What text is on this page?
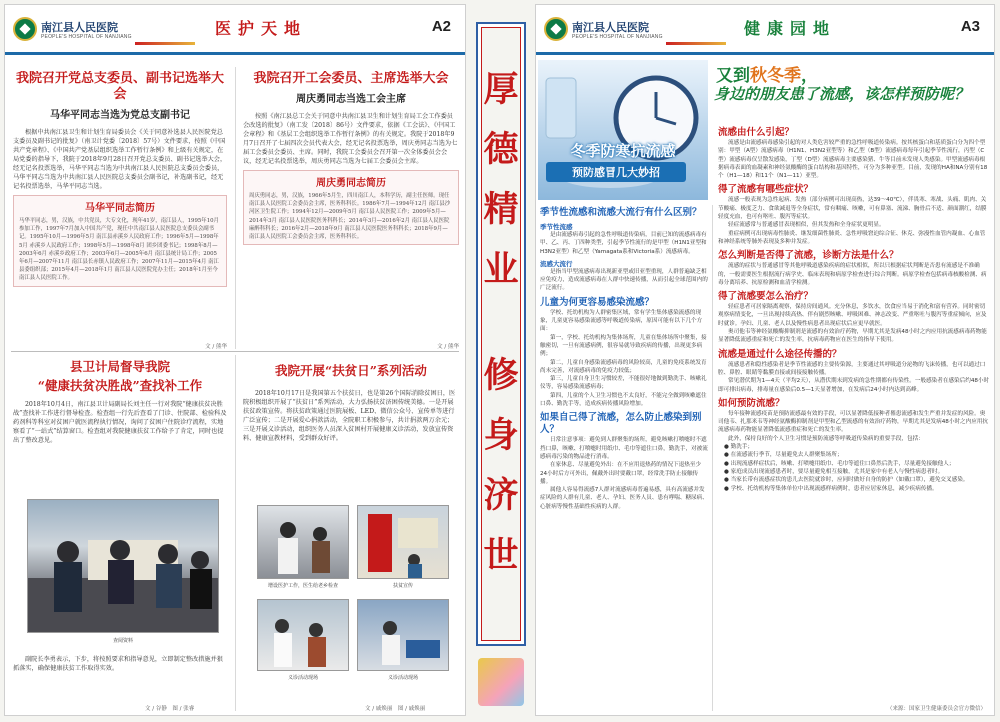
南江县人民医院
PEOPLE'S HOSPITAL OF NANJIANG	医护天地	A2
我院召开党总支委员、副书记选举大会
马华平同志当选为党总支副书记
根据中共南江县卫生和计划生育局委员会《关于同意补选县人民医院党总支委员及副书记的批复》（南卫计党委〔2018〕57号）文件要求，按照《中国共产党章程》、《中国共产党基层组织选举工作暂行条例》和上级有关规定，在局党委的指导下，我院于2018年9月28日召开党总支委员、副书记选举大会，经无记名投票选举，马华平同志当选为中共南江县人民医院总支委员会委员，马华平同志当选为中共南江县人民医院总支委员会副书记，补选副书记，经无记名投票选举，马华平同志当选。
马华平同志简历

马华平同志，男，汉族，中共党员，大专文化，现年41岁，南江县人，1995年10月参加工作，1997年7月加入中国共产党，现任中共南江县人民医院总支委员会副书记。1995年10月—1996年5月 南江县赤溪乡人民政府工作；1996年5月—1998年5月 赤溪乡人民政府工作；1998年5月—1998年8月 团乡团委书记；1998年8月—2003年6月 赤溪乡政府工作；2003年6月—2005年6月 南江县统计局工作；2005年6月—2007年11月 南江县长赤镇人民政府工作；2007年11月—2015年4月 南江县委组织部；2015年4月—2018年1月 南江县人民医院党办主任；2018年1月至今 南江县人民医院工作。

文 / 熊华
我院召开工会委员、主席选举大会
周庆勇同志当选工会主席
按照《南江县总工会关于同意中共南江县卫生和计划生育局工会工作委员会改选的批复》（南工发〔2018〕86号）文件要求，依据《工会法》、《中国工会章程》和《基层工会组织选举工作暂行条例》的有关规定。我院于2018年9月7日召开了七届四次会员代表大会，经无记名投票选举，周庆勇同志当选为七届工会委员会委员、主席。同时，我院工会委员会召开第一次全体委员会会议，经无记名投票选举，周庆勇同志当选为七届工会委员会主席。
周庆勇同志简历

周庆勇同志，男，汉族，1966年5月生，四川南江人，本科学历，副主任医师。现任南江县人民医院工会委员会主席，医务科科长。1986年7月—1994年12月 南江县沙河区卫生院工作；1994年12月—2009年5月 南江县人民医院工作；2009年5月—2014年3月 南江县人民医院医务科科长；2014年3月—2016年2月 南江县人民医院麻醉科科长；2016年2月—2018年9月 南江县人民医院医务科科长；2018年9月— 南江县人民医院工会委员会主席，医务科科长。

文 / 熊华
县卫计局督导我院
“健康扶贫决胜战”查找补工作
2018年10月4日，南江县卫计局副局长刘主任一行对我院“健康扶贫决胜战”查找补工作进行督导检查。检查组一行先后查看了门诊、住院部、检验科及药剂科等科室对贫困户就医流程执行情况，询问了贫困户住院诊疗流程，实地察看了“一站式”结算窗口。检查组对我院健康扶贫工作给予了肯定，同时也提出了整改意见。
查阅资料
副院长李勇表示，下步，将按照要求和指导意见，立即制定整改措施并狠抓落实，确保健康扶贫工作取得实效。
文 / 谷静　图 / 张睿
我院开展“扶贫日”系列活动
2018年10月17日是我国第五个扶贫日，也是第26个国际消除贫困日，医院积极组织开展了“扶贫日”系列活动，大力弘扬扶贫济困传统美德。一是开展扶贫政策宣传。将扶贫政策通过医院展板、LED、微信公众号、宣传单等进行广泛宣传；二是开展爱心捐款活动，全院职工积极参与，共计捐款两万余元；三是开展义诊活动，组织医务人员深入贫困村开展健康义诊活动，发放宣传资料、健康宣教材料，受到群众好评。
增设医护工作，医生给老乡检查	扶贫宣传
义诊活动现场	义诊活动现场
文 / 戚焕丽　图 / 戚焕丽
厚
德
精
业
修
身
济
世
南江县人民医院
PEOPLE'S HOSPITAL OF NANJIANG	健康园地	A3
冬季防寒抗流感
预防感冒几大妙招
又到秋冬季，
身边的朋友患了流感，该怎样预防呢？
季节性流感和流感大流行有什么区别？
季节性流感
是由流感病毒引起的急性呼吸道传染病，目前已知的流感病毒有甲、乙、丙、丁四种类型，引起季节性流行的是甲型（H1N1亚型和H3N2亚型）和乙型（Yamagata系和Victoria系）流感病毒。
流感大流行
是指当甲型流感病毒出现新亚型或旧亚型重现，人群普遍缺乏相应免疫力，造成流感病毒在人群中快速传播，从而引起全球范围内的广泛流行。
儿童为何更容易感染流感？
学校、托幼机构为人群密集区域，常有学生集体感染流感的现象，儿童更容易感染流感等呼吸道传染病，原因可能有以下几个方面：
第一，学校、托幼机构为集体场所，儿童在集体场所中聚集，接触密切，一旦有流感病例，很容易就导致疾病的传播，出现更多病例；
第二，儿童自身感染流感病毒的风险较高，儿童的免疫系统发育尚未完善，对流感病毒的免疫力较低；
第三，儿童自身卫生习惯较差，不能很好地做到勤洗手、咳嗽礼仪等，容易感染流感病毒；
第四，儿童的个人卫生习惯也不太良好，不能完全做到咳嗽遮住口鼻、勤洗手等，造成疾病传播风险增加。
如果自己得了流感，怎么防止感染到别人？
日常注意事项：避免到人群聚集的场所，避免咳嗽打喷嚏时不遮挡口鼻，咳嗽、打喷嚏时用纸巾、毛巾等遮住口鼻，勤洗手，对被流感病毒污染的物品进行消毒。
在家休息、尽量避免外出：在不应用退热药的情况下退热至少24小时后方可外出，佩戴外出时要戴口罩，经常洗手防止接触传播。
属他人容易得流感7人群对流感病毒普遍易感，具有高流感并发症风险的人群有儿童、老人、孕妇、医务人员、患有哮喘、糖尿病、心脏病等慢性基础性疾病的人群。
流感由什么引起？
流感是由流感病毒感染引起的对人类危害较严重的急性呼吸道传染病。按其核蛋白和基质蛋白分为四个型别：甲型（A型）流感病毒（H1N1、H3N2亚型等）和乙型（B型）流感病毒每年引起季节性流行，丙型（C型）流感病毒仅呈散发感染，丁型（D型）流感病毒主要感染猪、牛等目前未发现人类感染。甲型流感病毒根据病毒表面的血凝素和神经氨酸酶的蛋白结构和基因特性，可分为多种亚型。目前，发现的HA和NA分别有18个（H1—18）和11个（N1—11）亚型。
得了流感有哪些症状？
流感一般表现为急性起病、发热（部分病例可出现高热，达39～40℃），伴畏寒、寒战、头痛、肌肉、关节酸痛、极度乏力、食欲减退等全身症状，常有咽痛、咳嗽，可有鼻塞、流涕、胸骨后不适、颜面潮红，结膜轻度充血，也可有呕吐、腹泻等症状。
轻症流感常与普通感冒表现相似，但其发热和全身症状更明显。
重症病例可出现病毒性肺炎、继发细菌性肺炎、急性呼吸窘迫综合征、休克、弥漫性血管内凝血、心血管和神经系统等肺外表现及多种并发症。
怎么判断是否得了流感，诊断方法是什么？
流感的症状与普通感冒等其他呼吸道感染疾病的症状相似，所以只根据症状判断是否患有流感是不准确的，一般需要医生根据流行病学史、临床表现和病原学检查进行综合判断。病原学检查包括病毒核酸检测、病毒分离培养、抗原检测和血清学检测。
得了流感要怎么治疗？
轻症患者可居家隔离观察，保持房间通风。充分休息，多饮水，饮食应当易于消化和富有营养。同时密切观察病情变化，一旦出现持续高热、伴有剧烈咳嗽、呼吸困难、神志改变、严重呕吐与腹泻等重症倾向，应及时就诊。孕妇、儿童、老人以及慢性病患者出现症状后应更早就医。
奥司他韦等神经氨酸酶抑制剂是流感的有效治疗药物，早期尤其是发病48小时之内应用抗流感病毒药物能显著降低流感重症和死亡的发生率。抗病毒药物应在医生的指导下使用。
流感是通过什么途径传播的？
流感患者和隐性感染者是季节性流感的主要传染源，主要通过其呼吸道分泌物的飞沫传播，也可以通过口腔、鼻腔、眼睛等黏膜直接或间接接触传播。
常见潜伏期为1—4天（平均2天），从潜伏期末到发病的急性期都有传染性。一般感染者在感染后约48小时即可排出病毒，排毒量在感染后0.5—1天显著增加，在发病后24小时内达到高峰。
如何预防流感？
每年接种流感疫苗是预防流感最有效的手段，可以显著降低接种者罹患流感和发生严重并发症的风险。奥司他韦、扎那米韦等神经氨酸酶抑制剂是甲型和乙型流感的有效治疗药物，早期尤其是发病48小时之内应用抗流感病毒药物能显著降低流感重症和死亡的发生率。
此外，保持良好的个人卫生习惯是预防流感等呼吸道传染病的重要手段，包括：
● 勤洗手；
● 在流感流行季节，尽量避免去人群聚集场所；
● 出现流感样症状后，咳嗽、打喷嚏用纸巾、毛巾等遮住口鼻然后洗手，尽量避免接触他人；
● 家庭成员出现流感患者时，要尽量避免相互接触，尤其是家中有老人与慢性病患者时。
● 当家长带有流感症状的患儿去医院就诊时，应同时做好自身的防护（如戴口罩），避免交叉感染。
● 学校、托幼机构等集体单位中出现流感样病例时，患者应居家休息，减少疾病传播。
（来源：国家卫生健康委员会官方微信）
